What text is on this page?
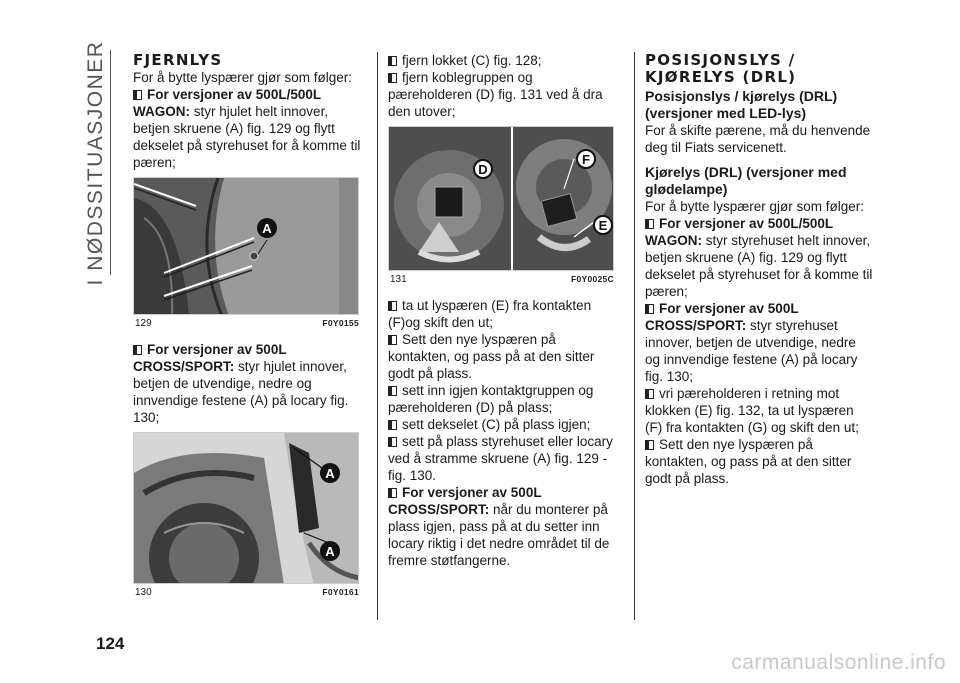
I NØDSSITUASJONER FJERNLYS
For å bytte lyspærer gjør som følger:
For versjoner av 500L/500L WAGON: styr hjulet helt innover, betjen skruene (A) fig. 129 og flytt dekselet på styrehuset for å komme til pæren;
A
129	F0Y0155
For versjoner av 500L CROSS/SPORT: styr hjulet innover, betjen de utvendige, nedre og innvendige festene (A) på locary fig. 130;
A
A
130	F0Y0161
fjern lokket (C) fig. 128;
fjern koblegruppen og pæreholderen (D) fig. 131 ved å dra den utover;
D
F
E
131	F0Y0025C
ta ut lyspæren (E) fra kontakten (F)og skift den ut;
Sett den nye lyspæren på kontakten, og pass på at den sitter godt på plass.
sett inn igjen kontaktgruppen og pæreholderen (D) på plass;
sett dekselet (C) på plass igjen;
sett på plass styrehuset eller locary ved å stramme skruene (A) fig. 129 - fig. 130.
For versjoner av 500L CROSS/SPORT: når du monterer på plass igjen, pass på at du setter inn locary riktig i det nedre området til de fremre støtfangerne.
POSISJONSLYS / KJØRELYS (DRL)
Posisjonslys / kjørelys (DRL) (versjoner med LED-lys)
For å skifte pærene, må du henvende deg til Fiats servicenett.
Kjørelys (DRL) (versjoner med glødelampe)
For å bytte lyspærer gjør som følger:
For versjoner av 500L/500L WAGON: styr styrehuset helt innover, betjen skruene (A) fig. 129 og flytt dekselet på styrehuset for å komme til pæren;
For versjoner av 500L CROSS/SPORT: styr styrehuset innover, betjen de utvendige, nedre og innvendige festene (A) på locary fig. 130;
vri pæreholderen i retning mot klokken (E) fig. 132, ta ut lyspæren (F) fra kontakten (G) og skift den ut;
Sett den nye lyspæren på kontakten, og pass på at den sitter godt på plass.
124
carmanualsonline.info
